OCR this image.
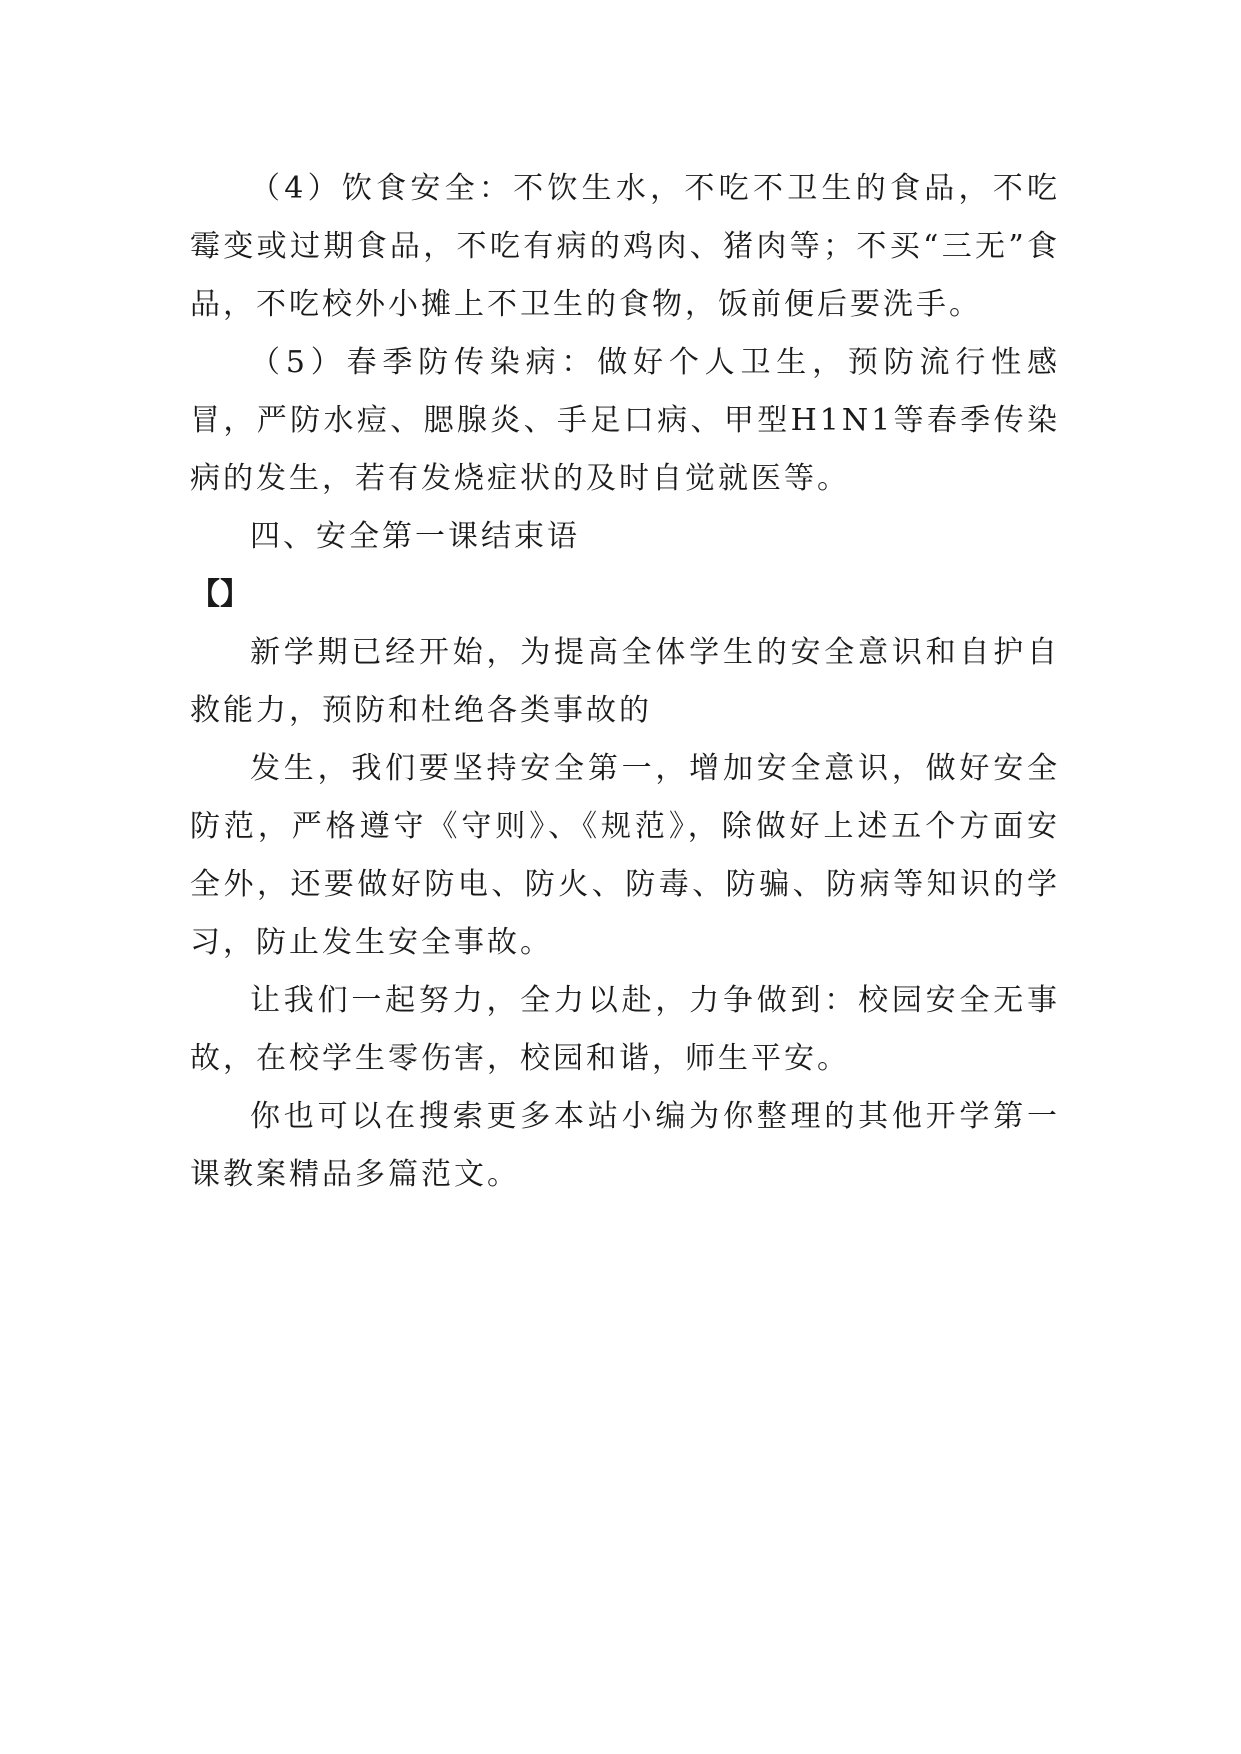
（4）饮食安全：不饮生水，不吃不卫生的食品，不吃霉变或过期食品，不吃有病的鸡肉、猪肉等；不买“三无”食品，不吃校外小摊上不卫生的食物，饭前便后要洗手。

（5）春季防传染病：做好个人卫生，预防流行性感冒，严防水痘、腮腺炎、手足口病、甲型H1N1等春季传染病的发生，若有发烧症状的及时自觉就医等。

四、安全第一课结束语

【】

新学期已经开始，为提高全体学生的安全意识和自护自救能力，预防和杜绝各类事故的

发生，我们要坚持安全第一，增加安全意识，做好安全防范，严格遵守《守则》、《规范》，除做好上述五个方面安全外，还要做好防电、防火、防毒、防骗、防病等知识的学习，防止发生安全事故。

让我们一起努力，全力以赴，力争做到：校园安全无事故，在校学生零伤害，校园和谐，师生平安。

你也可以在搜索更多本站小编为你整理的其他开学第一课教案精品多篇范文。
